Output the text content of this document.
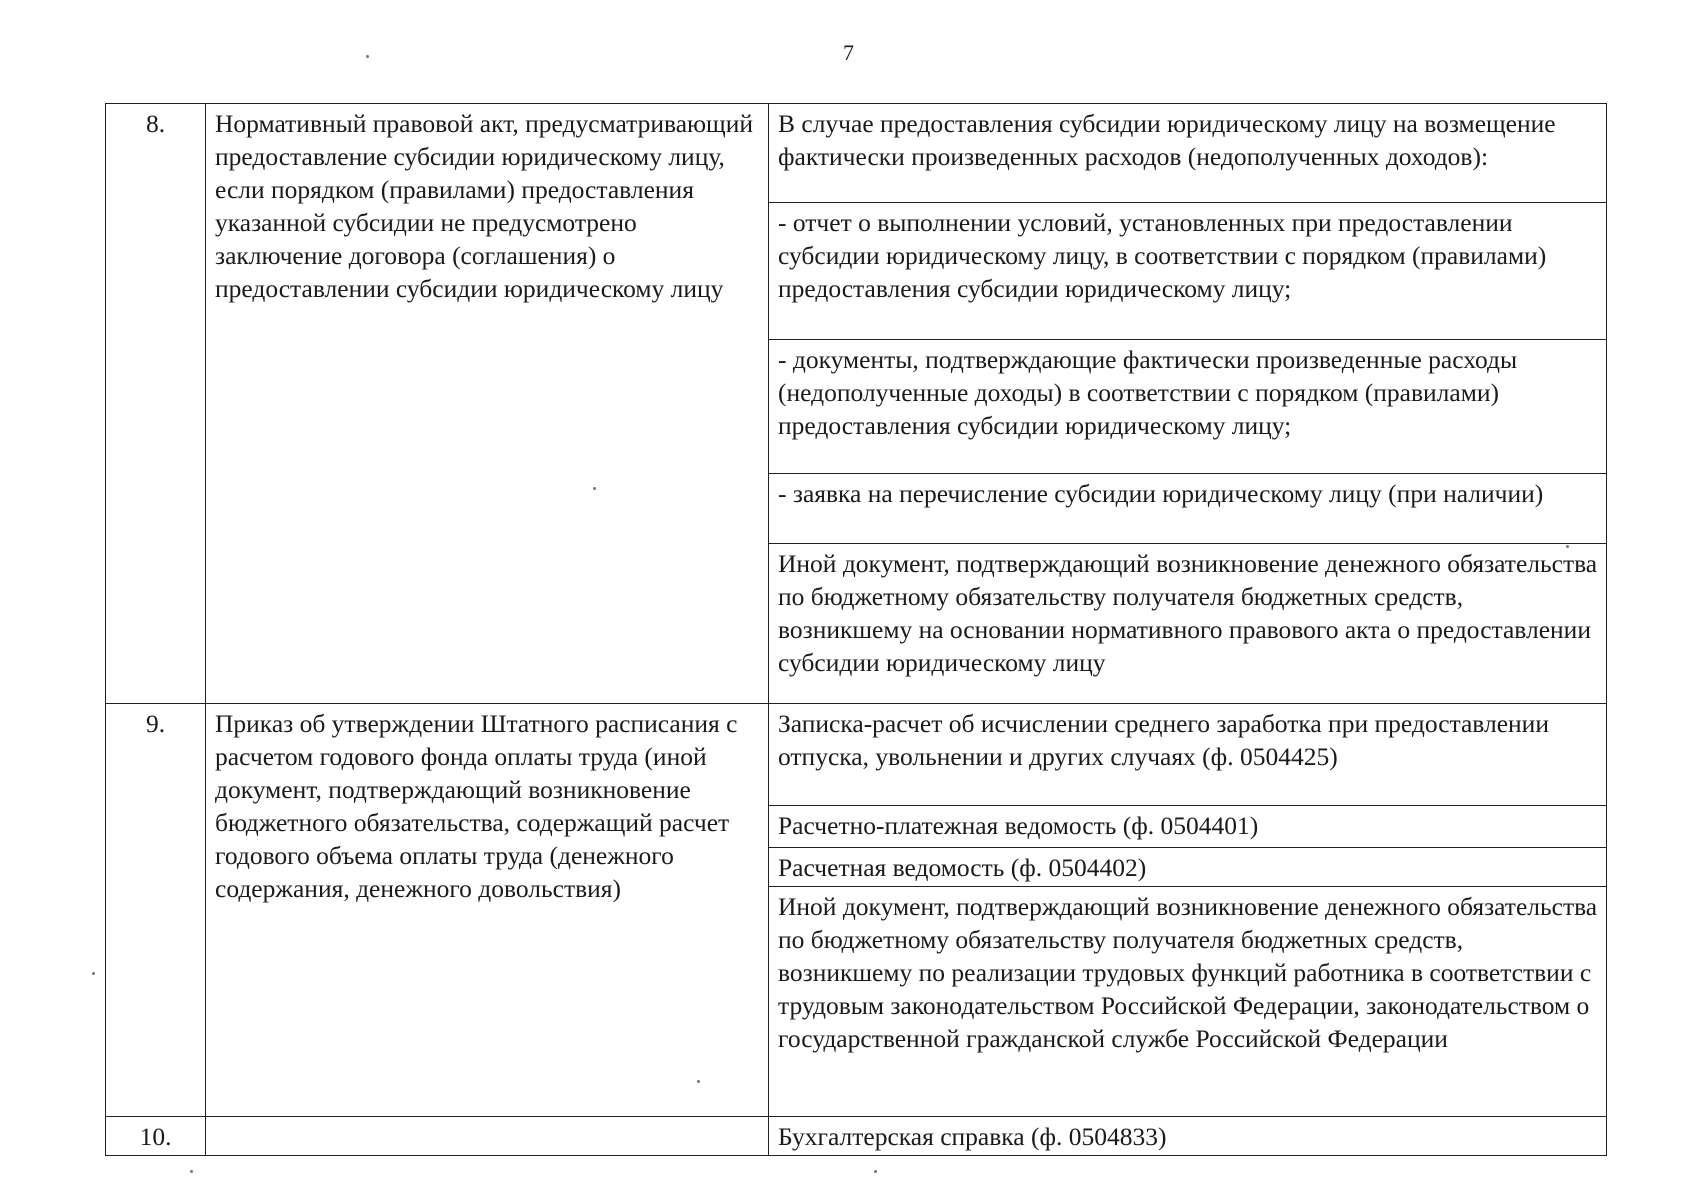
7
8.	Нормативный правовой акт, предусматривающий предоставление субсидии юридическому лицу, если порядком (правилами) предоставления указанной субсидии не предусмотрено заключение договора (соглашения) о предоставлении субсидии юридическому лицу	В случае предоставления субсидии юридическому лицу на возмещение фактически произведенных расходов (недополученных доходов):
		- отчет о выполнении условий, установленных при предоставлении субсидии юридическому лицу, в соответствии с порядком (правилами) предоставления субсидии юридическому лицу;
		- документы, подтверждающие фактически произведенные расходы (недополученные доходы) в соответствии с порядком (правилами) предоставления субсидии юридическому лицу;
		- заявка на перечисление субсидии юридическому лицу (при наличии)
		Иной документ, подтверждающий возникновение денежного обязательства по бюджетному обязательству получателя бюджетных средств, возникшему на основании нормативного правового акта о предоставлении субсидии юридическому лицу
9.	Приказ об утверждении Штатного расписания с расчетом годового фонда оплаты труда (иной документ, подтверждающий возникновение бюджетного обязательства, содержащий расчет годового объема оплаты труда (денежного содержания, денежного довольствия)	Записка-расчет об исчислении среднего заработка при предоставлении отпуска, увольнении и других случаях (ф. 0504425)
		Расчетно-платежная ведомость (ф. 0504401)
		Расчетная ведомость (ф. 0504402)
		Иной документ, подтверждающий возникновение денежного обязательства по бюджетному обязательству получателя бюджетных средств, возникшему по реализации трудовых функций работника в соответствии с трудовым законодательством Российской Федерации, законодательством о государственной гражданской службе Российской Федерации
10.		Бухгалтерская справка (ф. 0504833)
